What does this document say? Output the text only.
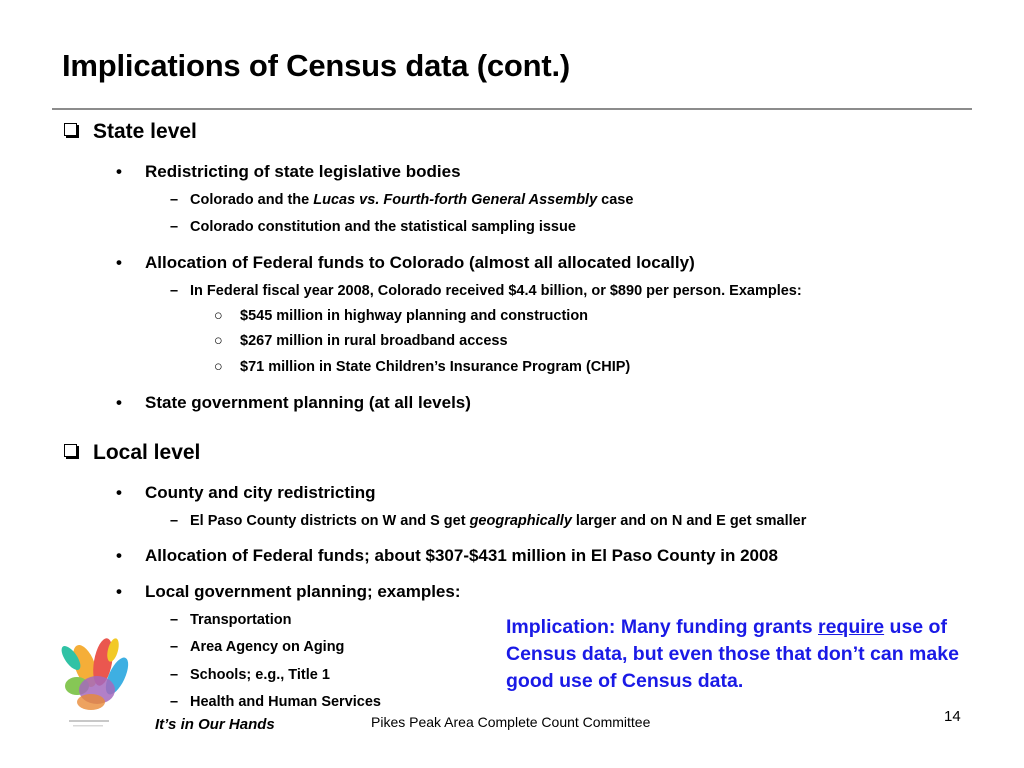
Implications of Census data (cont.)
State level
• Redistricting of state legislative bodies
– Colorado and the Lucas vs. Fourth-forth General Assembly case
– Colorado constitution and the statistical sampling issue
• Allocation of Federal funds to Colorado (almost all allocated locally)
– In Federal fiscal year 2008, Colorado received $4.4 billion, or $890 per person. Examples:
○ $545 million in highway planning and construction
○ $267 million in rural broadband access
○ $71 million in State Children’s Insurance Program (CHIP)
• State government planning (at all levels)
Local level
• County and city redistricting
– El Paso County districts on W and S get geographically larger and on N and E get smaller
• Allocation of Federal funds; about $307-$431 million in El Paso County in 2008
• Local government planning; examples:
– Transportation
– Area Agency on Aging
– Schools; e.g., Title 1
– Health and Human Services
Implication: Many funding grants require use of Census data, but even those that don’t can make good use of Census data.
It’s in Our Hands	Pikes Peak Area Complete Count Committee	14
